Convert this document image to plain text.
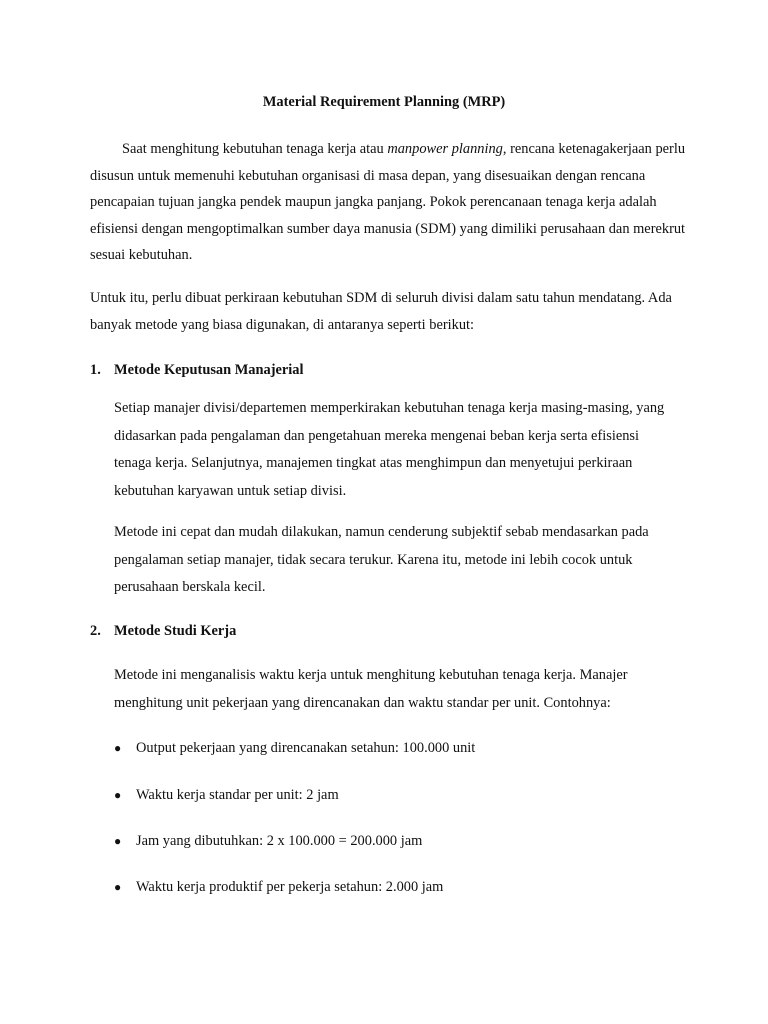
Material Requirement Planning (MRP)

Saat menghitung kebutuhan tenaga kerja atau manpower planning, rencana ketenagakerjaan perlu disusun untuk memenuhi kebutuhan organisasi di masa depan, yang disesuaikan dengan rencana pencapaian tujuan jangka pendek maupun jangka panjang. Pokok perencanaan tenaga kerja adalah efisiensi dengan mengoptimalkan sumber daya manusia (SDM) yang dimiliki perusahaan dan merekrut sesuai kebutuhan.

Untuk itu, perlu dibuat perkiraan kebutuhan SDM di seluruh divisi dalam satu tahun mendatang. Ada banyak metode yang biasa digunakan, di antaranya seperti berikut:

1. Metode Keputusan Manajerial

Setiap manajer divisi/departemen memperkirakan kebutuhan tenaga kerja masing-masing, yang didasarkan pada pengalaman dan pengetahuan mereka mengenai beban kerja serta efisiensi tenaga kerja. Selanjutnya, manajemen tingkat atas menghimpun dan menyetujui perkiraan kebutuhan karyawan untuk setiap divisi.

Metode ini cepat dan mudah dilakukan, namun cenderung subjektif sebab mendasarkan pada pengalaman setiap manajer, tidak secara terukur. Karena itu, metode ini lebih cocok untuk perusahaan berskala kecil.

2. Metode Studi Kerja

Metode ini menganalisis waktu kerja untuk menghitung kebutuhan tenaga kerja. Manajer menghitung unit pekerjaan yang direncanakan dan waktu standar per unit. Contohnya:

● Output pekerjaan yang direncanakan setahun: 100.000 unit

● Waktu kerja standar per unit: 2 jam

● Jam yang dibutuhkan: 2 x 100.000 = 200.000 jam

● Waktu kerja produktif per pekerja setahun: 2.000 jam
